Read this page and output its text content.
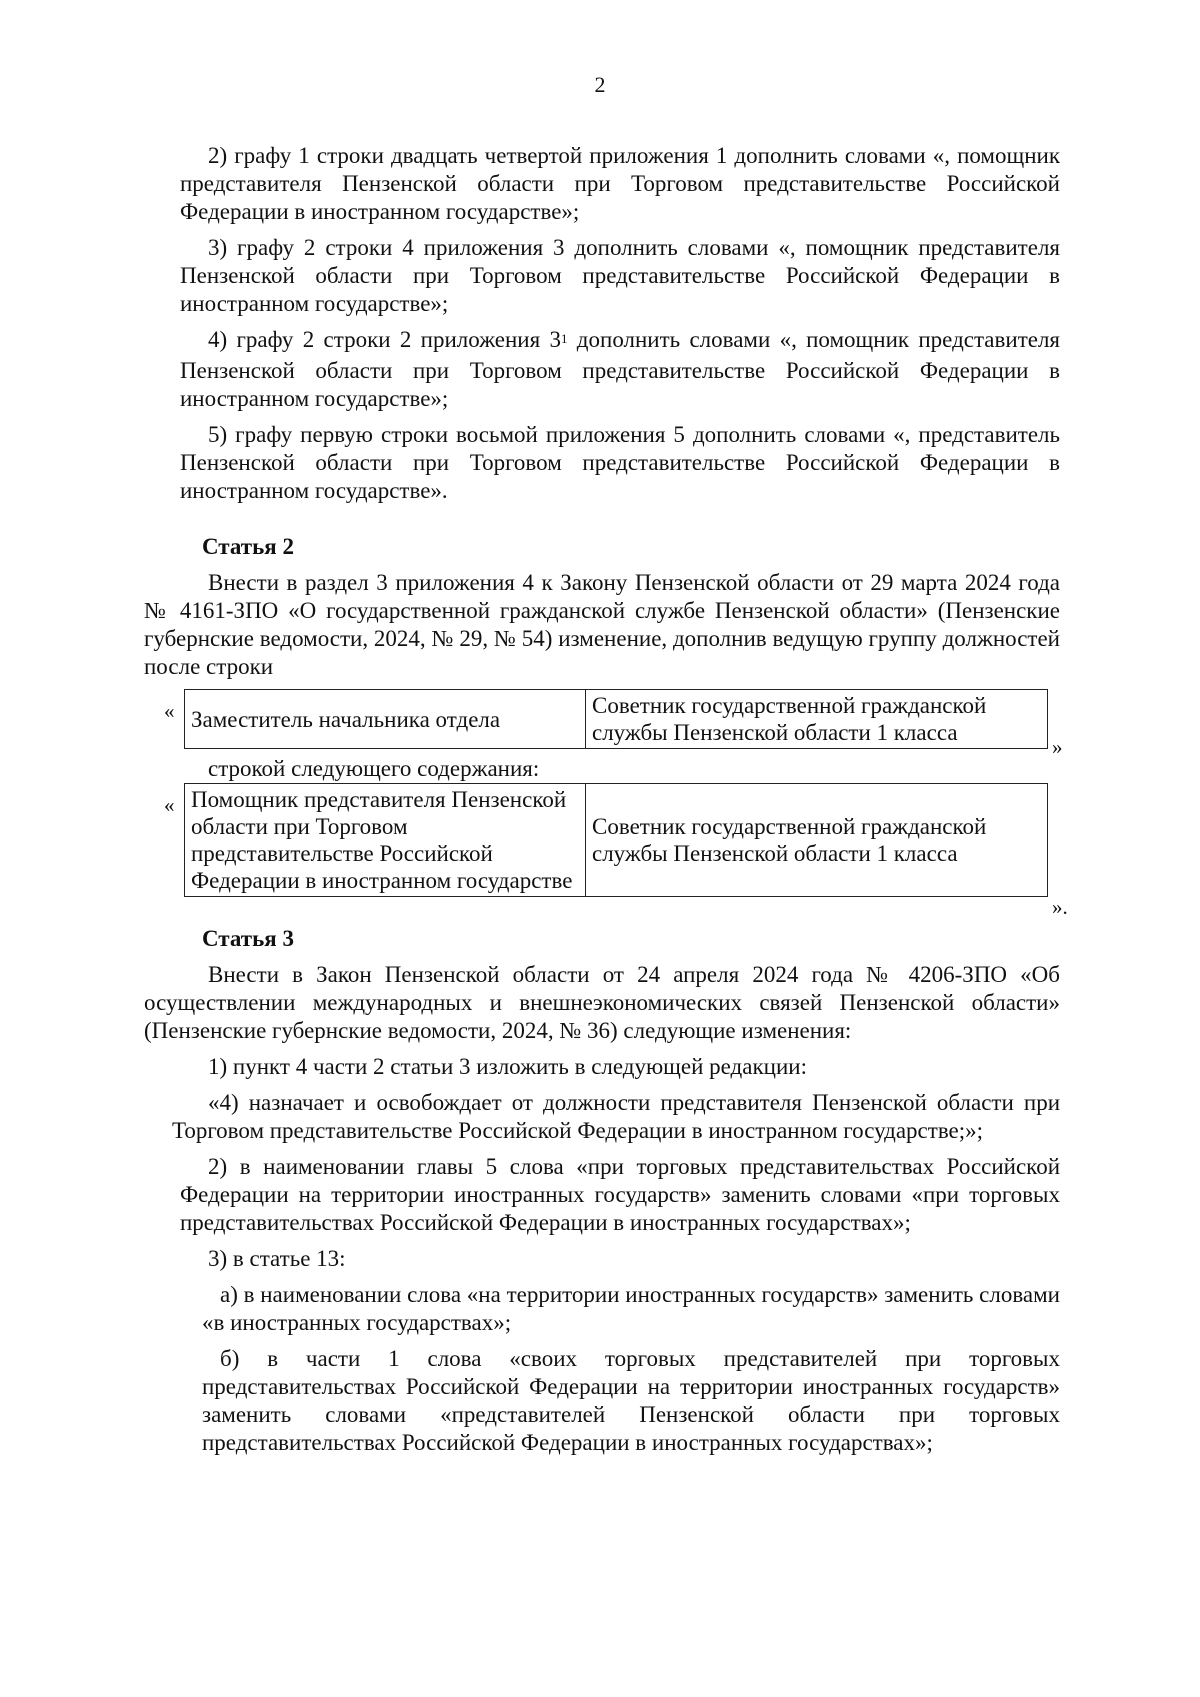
2

2) графу 1 строки двадцать четвертой приложения 1 дополнить словами «, помощник представителя Пензенской области при Торговом представительстве Российской Федерации в иностранном государстве»;

3) графу 2 строки 4 приложения 3 дополнить словами «, помощник представителя Пензенской области при Торговом представительстве Российской Федерации в иностранном государстве»;

4) графу 2 строки 2 приложения $3^1$ дополнить словами «, помощник представителя Пензенской области при Торговом представительстве Российской Федерации в иностранном государстве»;

5) графу первую строки восьмой приложения 5 дополнить словами «, представитель Пензенской области при Торговом представительстве Российской Федерации в иностранном государстве».

Статья 2

Внести в раздел 3 приложения 4 к Закону Пензенской области от 29 марта 2024 года № 4161-ЗПО «О государственной гражданской службе Пензенской области» (Пензенские губернские ведомости, 2024, № 29, № 54) изменение, дополнив ведущую группу должностей после строки

« Заместитель начальника отдела	Советник государственной гражданской службы Пензенской области 1 класса
»
строкой следующего содержания:
« Помощник представителя Пензенской области при Торговом представительстве Российской Федерации в иностранном государстве	Советник государственной гражданской службы Пензенской области 1 класса
».
Статья 3

Внести в Закон Пензенской области от 24 апреля 2024 года № 4206-ЗПО «Об осуществлении международных и внешнеэкономических связей Пензенской области» (Пензенские губернские ведомости, 2024, № 36) следующие изменения:

1) пункт 4 части 2 статьи 3 изложить в следующей редакции:

«4) назначает и освобождает от должности представителя Пензенской области при Торговом представительстве Российской Федерации в иностранном государстве;»;

2) в наименовании главы 5 слова «при торговых представительствах Российской Федерации на территории иностранных государств» заменить словами «при торговых представительствах Российской Федерации в иностранных государствах»;

3) в статье 13:

а) в наименовании слова «на территории иностранных государств» заменить словами «в иностранных государствах»;

б) в части 1 слова «своих торговых представителей при торговых представительствах Российской Федерации на территории иностранных государств» заменить словами «представителей Пензенской области при торговых представительствах Российской Федерации в иностранных государствах»;
